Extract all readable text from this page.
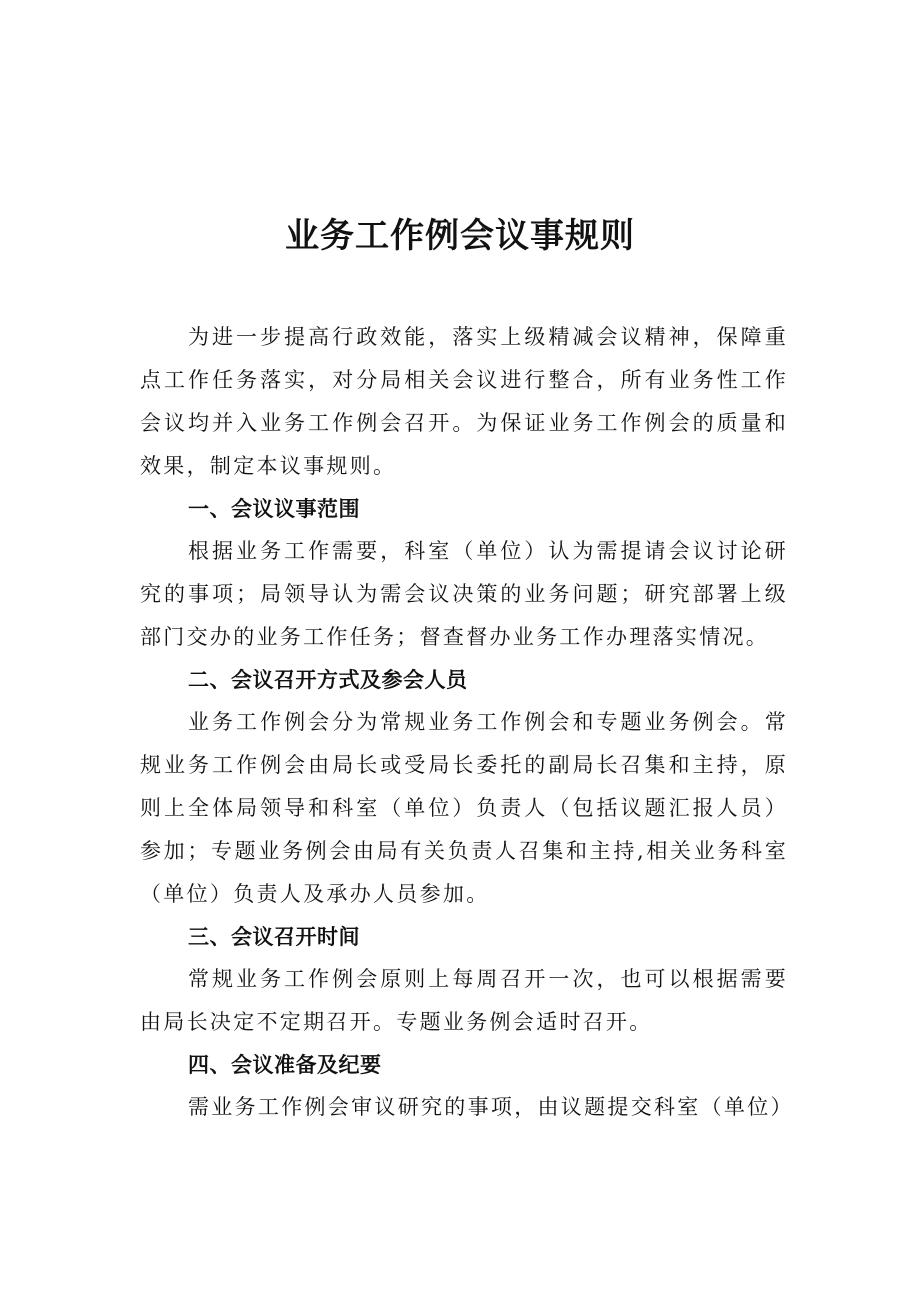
业务工作例会议事规则

为进一步提高行政效能，落实上级精减会议精神，保障重点工作任务落实，对分局相关会议进行整合，所有业务性工作会议均并入业务工作例会召开。为保证业务工作例会的质量和效果，制定本议事规则。

一、会议议事范围

根据业务工作需要，科室（单位）认为需提请会议讨论研究的事项；局领导认为需会议决策的业务问题；研究部署上级部门交办的业务工作任务；督查督办业务工作办理落实情况。

二、会议召开方式及参会人员

业务工作例会分为常规业务工作例会和专题业务例会。常规业务工作例会由局长或受局长委托的副局长召集和主持，原则上全体局领导和科室（单位）负责人（包括议题汇报人员）参加；专题业务例会由局有关负责人召集和主持,相关业务科室（单位）负责人及承办人员参加。

三、会议召开时间

常规业务工作例会原则上每周召开一次，也可以根据需要由局长决定不定期召开。专题业务例会适时召开。

四、会议准备及纪要

需业务工作例会审议研究的事项，由议题提交科室（单位）
